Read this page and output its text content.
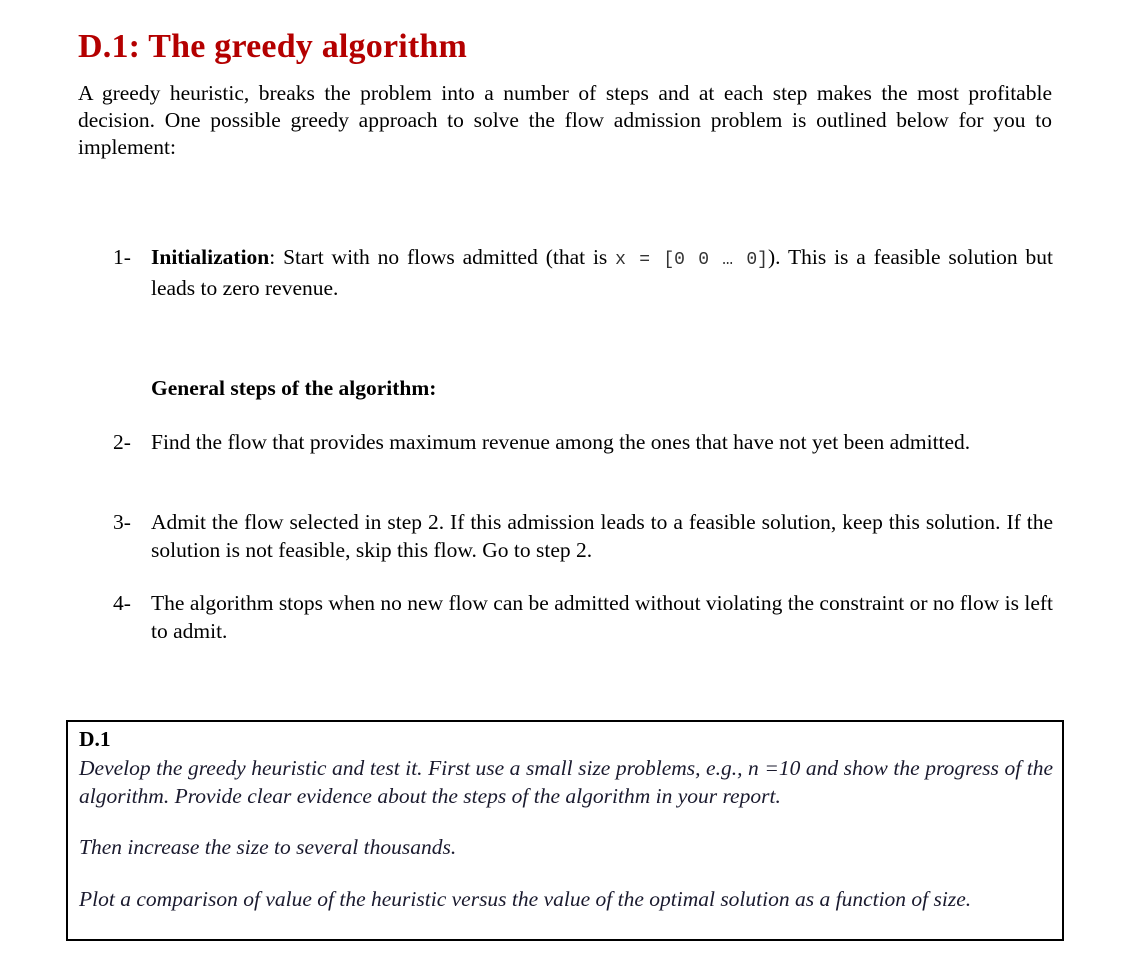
D.1: The greedy algorithm
A greedy heuristic, breaks the problem into a number of steps and at each step makes the most profitable decision. One possible greedy approach to solve the flow admission problem is outlined below for you to implement:
1- Initialization: Start with no flows admitted (that is x = [0 0 … 0]). This is a feasible solution but leads to zero revenue.
General steps of the algorithm:
2- Find the flow that provides maximum revenue among the ones that have not yet been admitted.
3- Admit the flow selected in step 2. If this admission leads to a feasible solution, keep this solution. If the solution is not feasible, skip this flow. Go to step 2.
4- The algorithm stops when no new flow can be admitted without violating the constraint or no flow is left to admit.
D.1

Develop the greedy heuristic and test it. First use a small size problems, e.g., n =10 and show the progress of the algorithm. Provide clear evidence about the steps of the algorithm in your report.

Then increase the size to several thousands.

Plot a comparison of value of the heuristic versus the value of the optimal solution as a function of size.
